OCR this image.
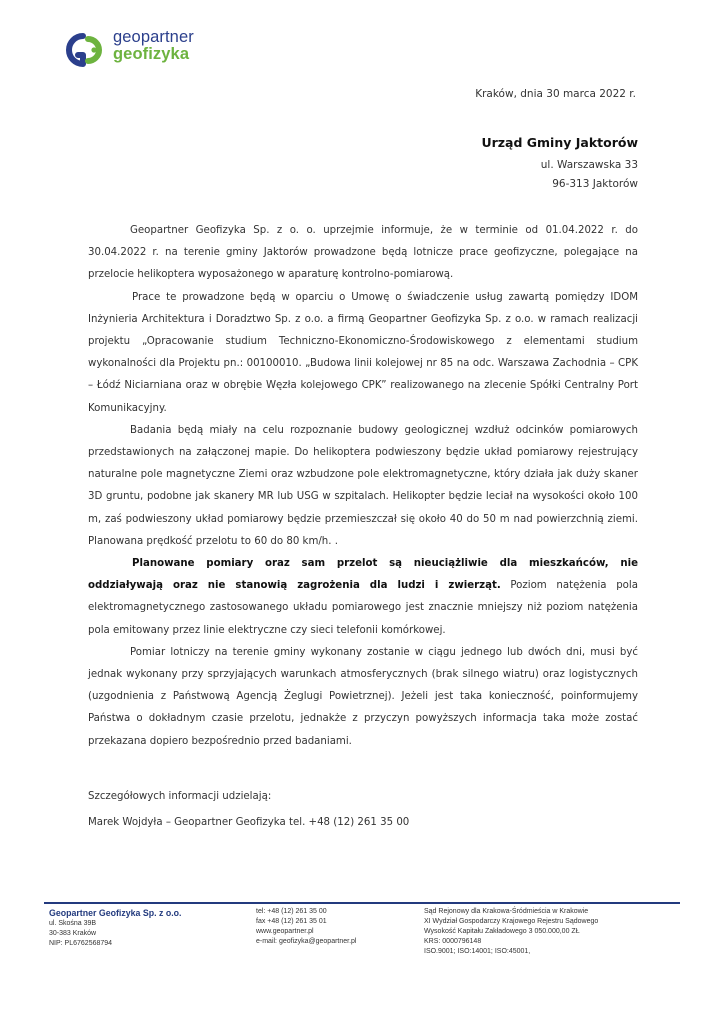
geopartner
geofizyka
Kraków, dnia 30 marca 2022 r.
Urząd Gminy Jaktorów
ul. Warszawska 33
96-313 Jaktorów

Geopartner Geofizyka Sp. z o. o. uprzejmie informuje, że w terminie od 01.04.2022 r. do 30.04.2022 r. na terenie gminy Jaktorów prowadzone będą lotnicze prace geofizyczne, polegające na przelocie helikoptera wyposażonego w aparaturę kontrolno-pomiarową.

Prace te prowadzone będą w oparciu o Umowę o świadczenie usług zawartą pomiędzy IDOM Inżynieria Architektura i Doradztwo Sp. z o.o. a firmą Geopartner Geofizyka Sp. z o.o. w ramach realizacji projektu „Opracowanie studium Techniczno-Ekonomiczno-Środowiskowego z elementami studium wykonalności dla Projektu pn.: 00100010. „Budowa linii kolejowej nr 85 na odc. Warszawa Zachodnia – CPK – Łódź Niciarniana oraz w obrębie Węzła kolejowego CPK” realizowanego na zlecenie Spółki Centralny Port Komunikacyjny.

Badania będą miały na celu rozpoznanie budowy geologicznej wzdłuż odcinków pomiarowych przedstawionych na załączonej mapie. Do helikoptera podwieszony będzie układ pomiarowy rejestrujący naturalne pole magnetyczne Ziemi oraz wzbudzone pole elektromagnetyczne, który działa jak duży skaner 3D gruntu, podobne jak skanery MR lub USG w szpitalach. Helikopter będzie leciał na wysokości około 100 m, zaś podwieszony układ pomiarowy będzie przemieszczał się około 40 do 50 m nad powierzchnią ziemi. Planowana prędkość przelotu to 60 do 80 km/h. .

Planowane pomiary oraz sam przelot są nieuciążliwie dla mieszkańców, nie oddziaływają oraz nie stanowią zagrożenia dla ludzi i zwierząt. Poziom natężenia pola elektromagnetycznego zastosowanego układu pomiarowego jest znacznie mniejszy niż poziom natężenia pola emitowany przez linie elektryczne czy sieci telefonii komórkowej.

Pomiar lotniczy na terenie gminy wykonany zostanie w ciągu jednego lub dwóch dni, musi być jednak wykonany przy sprzyjających warunkach atmosferycznych (brak silnego wiatru) oraz logistycznych (uzgodnienia z Państwową Agencją Żeglugi Powietrznej). Jeżeli jest taka konieczność, poinformujemy Państwa o dokładnym czasie przelotu, jednakże z przyczyn powyższych informacja taka może zostać przekazana dopiero bezpośrednio przed badaniami.

Szczegółowych informacji udzielają:
Marek Wojdyła – Geopartner Geofizyka tel. +48 (12) 261 35 00
Geopartner Geofizyka Sp. z o.o.
ul. Skośna 39B
30-383 Kraków
NIP: PL6762568794
tel: +48 (12) 261 35 00
fax +48 (12) 261 35 01
www.geopartner.pl
e-mail: geofizyka@geopartner.pl
Sąd Rejonowy dla Krakowa-Śródmieścia w Krakowie
XI Wydział Gospodarczy Krajowego Rejestru Sądowego
Wysokość Kapitału Zakładowego 3 050.000,00 ZŁ
KRS: 0000796148
ISO.9001; ISO:14001; ISO:45001,
